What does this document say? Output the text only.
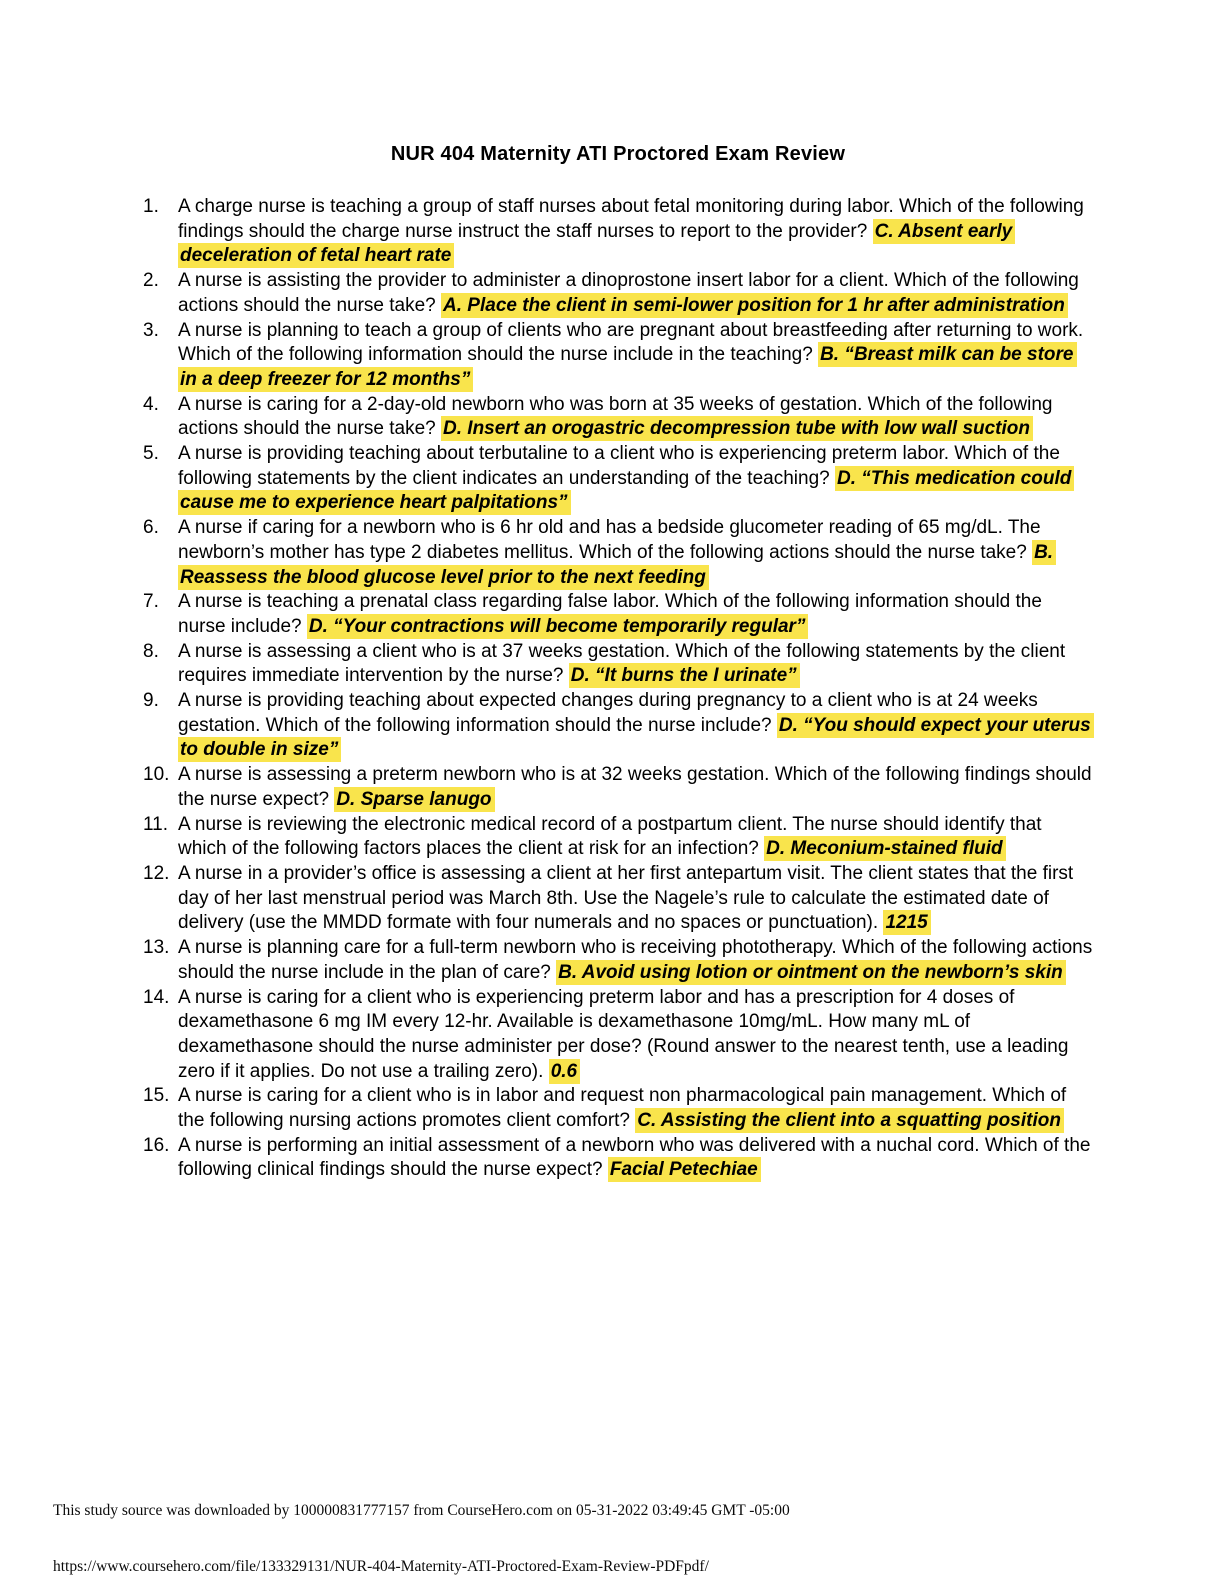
NUR 404 Maternity ATI Proctored Exam Review
1.	A charge nurse is teaching a group of staff nurses about fetal monitoring during labor. Which of the following findings should the charge nurse instruct the staff nurses to report to the provider? C. Absent early deceleration of fetal heart rate
2.	A nurse is assisting the provider to administer a dinoprostone insert labor for a client. Which of the following actions should the nurse take? A. Place the client in semi-lower position for 1 hr after administration
3.	A nurse is planning to teach a group of clients who are pregnant about breastfeeding after returning to work. Which of the following information should the nurse include in the teaching? B. “Breast milk can be store in a deep freezer for 12 months”
4.	A nurse is caring for a 2-day-old newborn who was born at 35 weeks of gestation. Which of the following actions should the nurse take? D. Insert an orogastric decompression tube with low wall suction
5.	A nurse is providing teaching about terbutaline to a client who is experiencing preterm labor. Which of the following statements by the client indicates an understanding of the teaching? D. “This medication could cause me to experience heart palpitations”
6.	A nurse if caring for a newborn who is 6 hr old and has a bedside glucometer reading of 65 mg/dL. The newborn’s mother has type 2 diabetes mellitus. Which of the following actions should the nurse take? B. Reassess the blood glucose level prior to the next feeding
7.	A nurse is teaching a prenatal class regarding false labor. Which of the following information should the nurse include? D. “Your contractions will become temporarily regular”
8.	A nurse is assessing a client who is at 37 weeks gestation. Which of the following statements by the client requires immediate intervention by the nurse? D. “It burns the I urinate”
9.	A nurse is providing teaching about expected changes during pregnancy to a client who is at 24 weeks gestation. Which of the following information should the nurse include? D. “You should expect your uterus to double in size”
10. A nurse is assessing a preterm newborn who is at 32 weeks gestation. Which of the following findings should the nurse expect? D. Sparse lanugo
11. A nurse is reviewing the electronic medical record of a postpartum client. The nurse should identify that which of the following factors places the client at risk for an infection? D. Meconium-stained fluid
12. A nurse in a provider’s office is assessing a client at her first antepartum visit. The client states that the first day of her last menstrual period was March 8th. Use the Nagele’s rule to calculate the estimated date of delivery (use the MMDD formate with four numerals and no spaces or punctuation). 1215
13. A nurse is planning care for a full-term newborn who is receiving phototherapy. Which of the following actions should the nurse include in the plan of care? B. Avoid using lotion or ointment on the newborn’s skin
14. A nurse is caring for a client who is experiencing preterm labor and has a prescription for 4 doses of dexamethasone 6 mg IM every 12-hr. Available is dexamethasone 10mg/mL. How many mL of dexamethasone should the nurse administer per dose? (Round answer to the nearest tenth, use a leading zero if it applies. Do not use a trailing zero). 0.6
15. A nurse is caring for a client who is in labor and request non pharmacological pain management. Which of the following nursing actions promotes client comfort? C. Assisting the client into a squatting position
16. A nurse is performing an initial assessment of a newborn who was delivered with a nuchal cord. Which of the following clinical findings should the nurse expect? Facial Petechiae

This study source was downloaded by 100000831777157 from CourseHero.com on 05-31-2022 03:49:45 GMT -05:00

https://www.coursehero.com/file/133329131/NUR-404-Maternity-ATI-Proctored-Exam-Review-PDFpdf/
